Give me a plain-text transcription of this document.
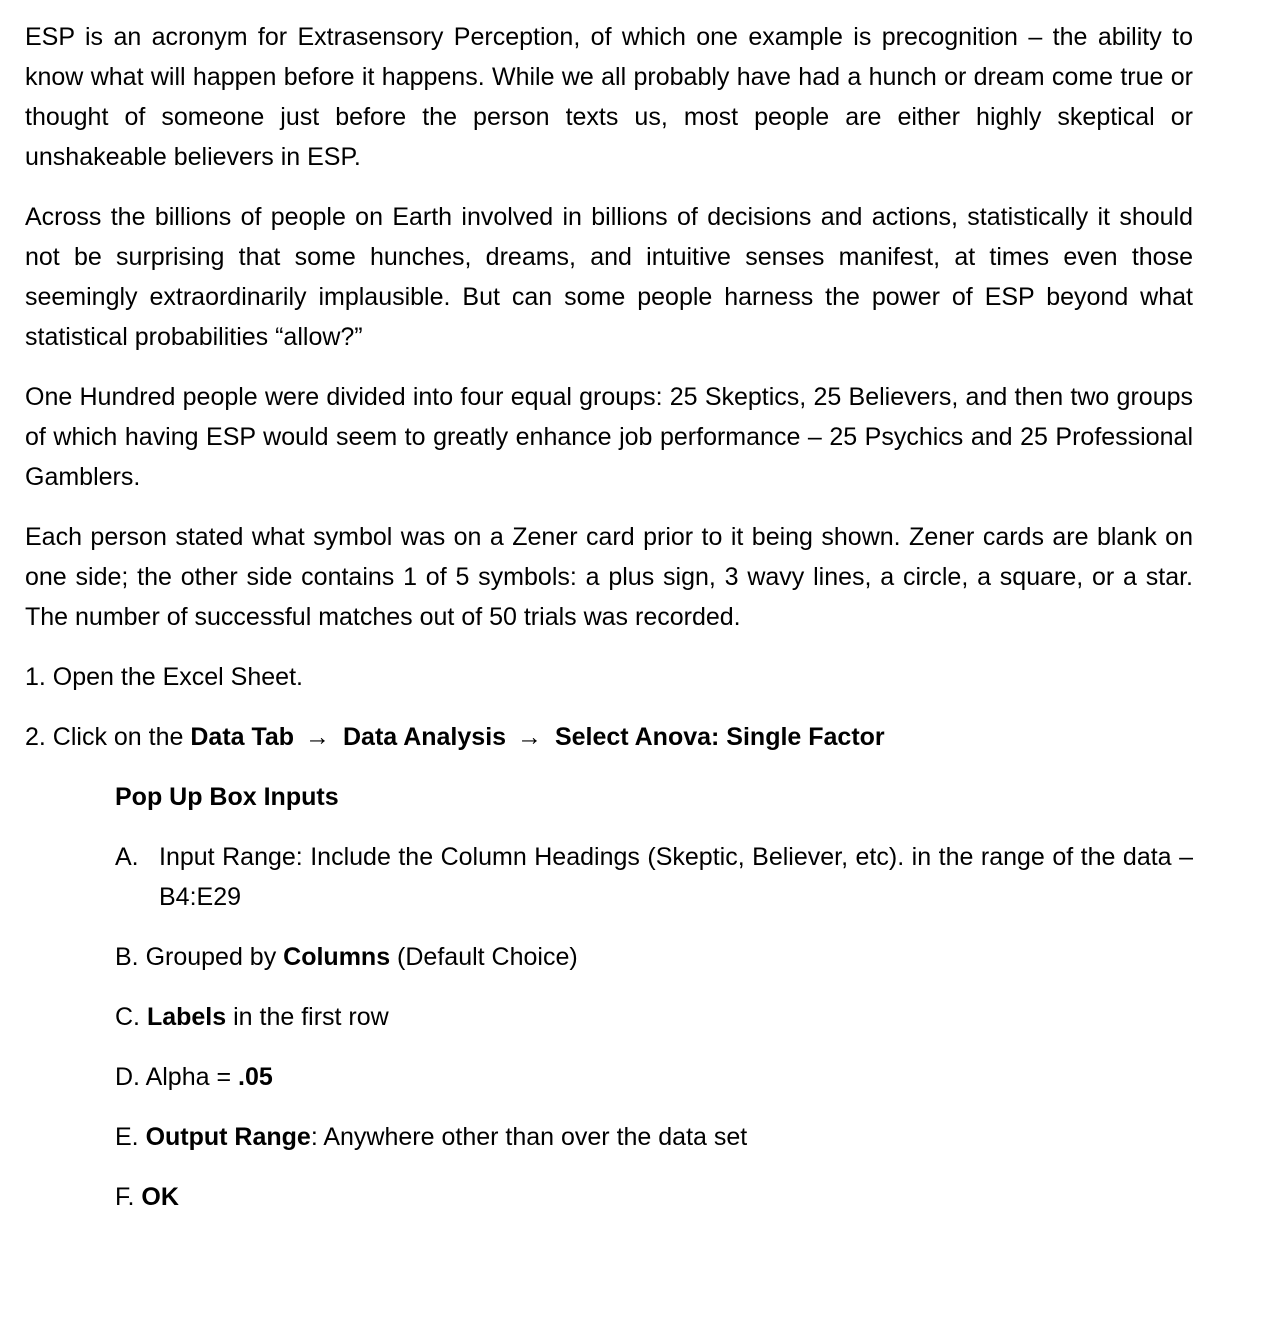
ESP is an acronym for Extrasensory Perception, of which one example is precognition – the ability to know what will happen before it happens. While we all probably have had a hunch or dream come true or thought of someone just before the person texts us, most people are either highly skeptical or unshakeable believers in ESP.

Across the billions of people on Earth involved in billions of decisions and actions, statistically it should not be surprising that some hunches, dreams, and intuitive senses manifest, at times even those seemingly extraordinarily implausible. But can some people harness the power of ESP beyond what statistical probabilities “allow?”

One Hundred people were divided into four equal groups: 25 Skeptics, 25 Believers, and then two groups of which having ESP would seem to greatly enhance job performance – 25 Psychics and 25 Professional Gamblers.

Each person stated what symbol was on a Zener card prior to it being shown. Zener cards are blank on one side; the other side contains 1 of 5 symbols: a plus sign, 3 wavy lines, a circle, a square, or a star. The number of successful matches out of 50 trials was recorded.

1. Open the Excel Sheet.
2. Click on the Data Tab → Data Analysis → Select Anova: Single Factor
Pop Up Box Inputs
A. Input Range: Include the Column Headings (Skeptic, Believer, etc). in the range of the data – B4:E29
B. Grouped by Columns (Default Choice)
C. Labels in the first row
D. Alpha = .05
E. Output Range: Anywhere other than over the data set
F. OK
